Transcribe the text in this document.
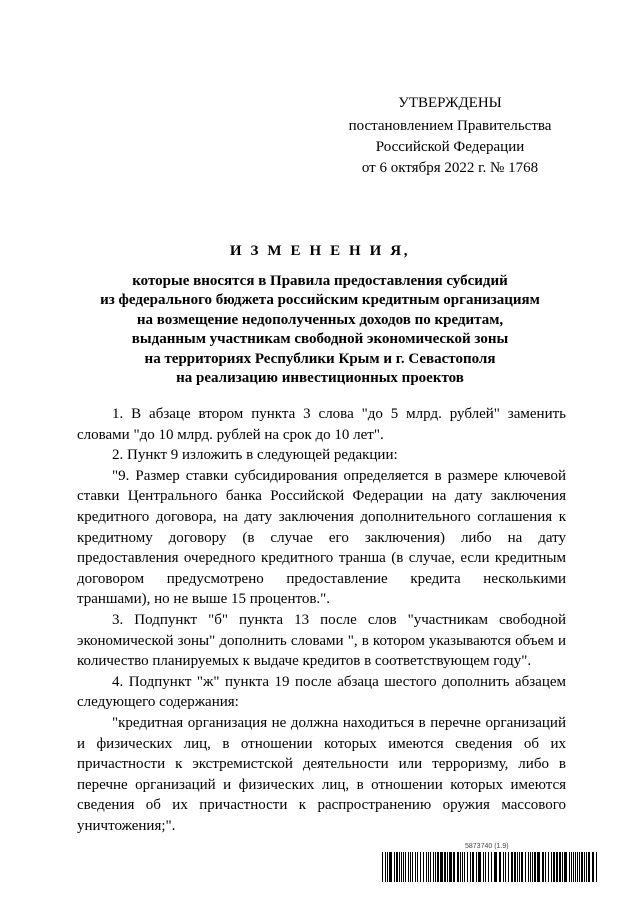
УТВЕРЖДЕНЫ
постановлением Правительства
Российской Федерации
от 6 октября 2022 г. № 1768
И З М Е Н Е Н И Я,
которые вносятся в Правила предоставления субсидий
из федерального бюджета российским кредитным организациям
на возмещение недополученных доходов по кредитам,
выданным участникам свободной экономической зоны
на территориях Республики Крым и г. Севастополя
на реализацию инвестиционных проектов

1. В абзаце втором пункта 3 слова "до 5 млрд. рублей" заменить словами "до 10 млрд. рублей на срок до 10 лет".

2. Пункт 9 изложить в следующей редакции:

"9. Размер ставки субсидирования определяется в размере ключевой ставки Центрального банка Российской Федерации на дату заключения кредитного договора, на дату заключения дополнительного соглашения к кредитному договору (в случае его заключения) либо на дату предоставления очередного кредитного транша (в случае, если кредитным договором предусмотрено предоставление кредита несколькими траншами), но не выше 15 процентов.".

3. Подпункт "б" пункта 13 после слов "участникам свободной экономической зоны" дополнить словами ", в котором указываются объем и количество планируемых к выдаче кредитов в соответствующем году".

4. Подпункт "ж" пункта 19 после абзаца шестого дополнить абзацем следующего содержания:

"кредитная организация не должна находиться в перечне организаций и физических лиц, в отношении которых имеются сведения об их причастности к экстремистской деятельности или терроризму, либо в перечне организаций и физических лиц, в отношении которых имеются сведения об их причастности к распространению оружия массового уничтожения;".

5873740 (1.9)
